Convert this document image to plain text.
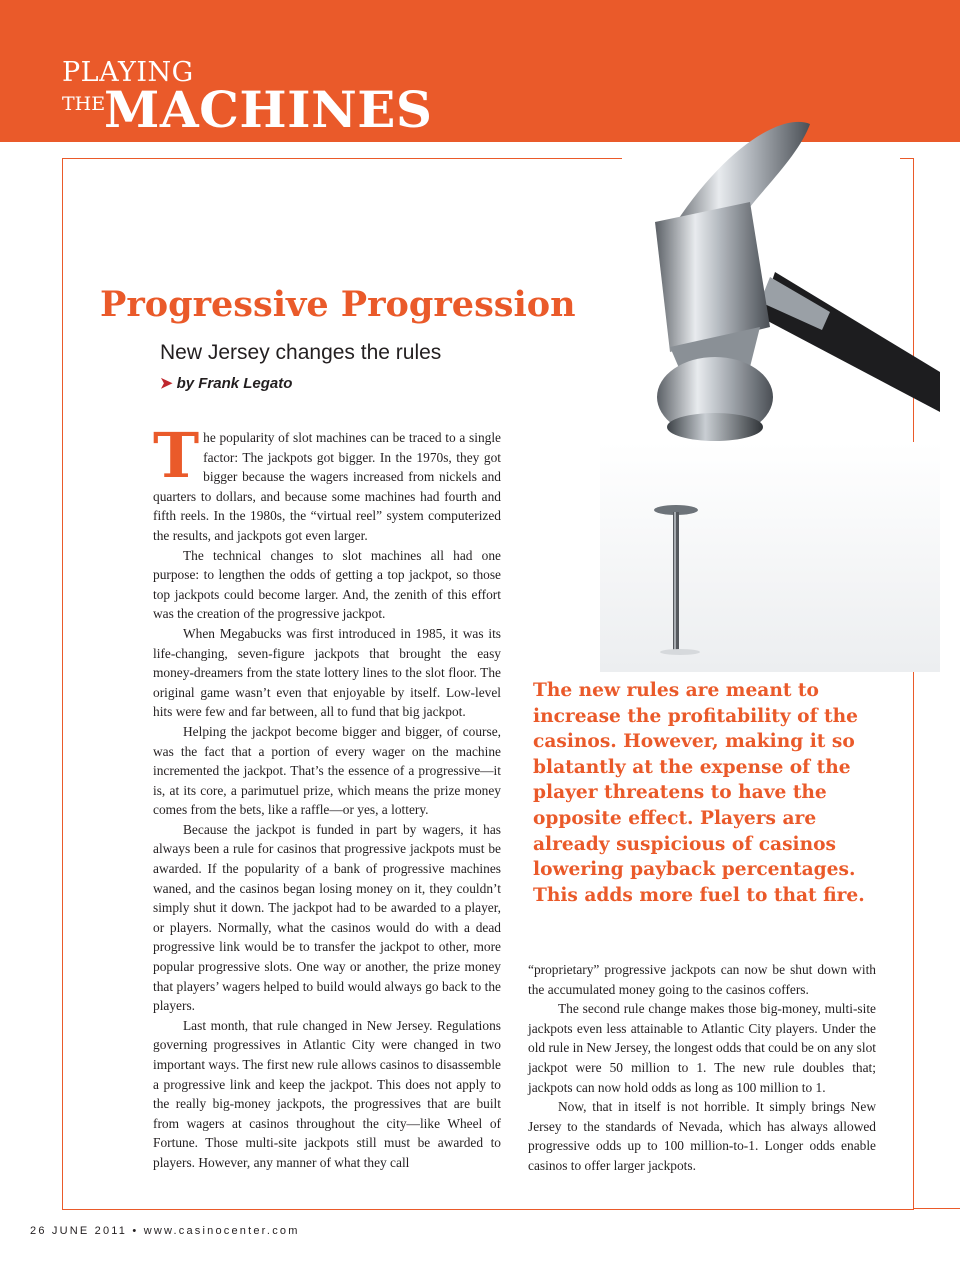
PLAYING
THE
MACHINES
Progressive Progression
New Jersey changes the rules
➤ by Frank Legato

The popularity of slot machines can be traced to a single factor: The jackpots got bigger. In the 1970s, they got bigger because the wagers increased from nickels and quarters to dollars, and because some machines had fourth and fifth reels. In the 1980s, the “virtual reel” system computerized the results, and jackpots got even larger.

The technical changes to slot machines all had one purpose: to lengthen the odds of getting a top jackpot, so those top jackpots could become larger. And, the zenith of this effort was the creation of the progressive jackpot.

When Megabucks was first introduced in 1985, it was its life-changing, seven-figure jackpots that brought the easy money-dreamers from the state lottery lines to the slot floor. The original game wasn’t even that enjoyable by itself. Low-level hits were few and far between, all to fund that big jackpot.

Helping the jackpot become bigger and bigger, of course, was the fact that a portion of every wager on the machine incremented the jackpot. That’s the essence of a progressive—it is, at its core, a parimutuel prize, which means the prize money comes from the bets, like a raffle—or yes, a lottery.

Because the jackpot is funded in part by wagers, it has always been a rule for casinos that progressive jackpots must be awarded. If the popularity of a bank of progressive machines waned, and the casinos began losing money on it, they couldn’t simply shut it down. The jackpot had to be awarded to a player, or players. Normally, what the casinos would do with a dead progressive link would be to transfer the jackpot to other, more popular progressive slots. One way or another, the prize money that players’ wagers helped to build would always go back to the players.

Last month, that rule changed in New Jersey. Regulations governing progressives in Atlantic City were changed in two important ways. The first new rule allows casinos to disassemble a progressive link and keep the jackpot. This does not apply to the really big-money jackpots, the progressives that are built from wagers at casinos throughout the city—like Wheel of Fortune. Those multi-site jackpots still must be awarded to players. However, any manner of what they call

The new rules are meant to increase the profitability of the casinos. However, making it so blatantly at the expense of the player threatens to have the opposite effect. Players are already suspicious of casinos lowering payback percentages. This adds more fuel to that fire.

“proprietary” progressive jackpots can now be shut down with the accumulated money going to the casinos coffers.

The second rule change makes those big-money, multi-site jackpots even less attainable to Atlantic City players. Under the old rule in New Jersey, the longest odds that could be on any slot jackpot were 50 million to 1. The new rule doubles that; jackpots can now hold odds as long as 100 million to 1.

Now, that in itself is not horrible. It simply brings New Jersey to the standards of Nevada, which has always allowed progressive odds up to 100 million-to-1. Longer odds enable casinos to offer larger jackpots.

26 JUNE 2011 • www.casinocenter.com
